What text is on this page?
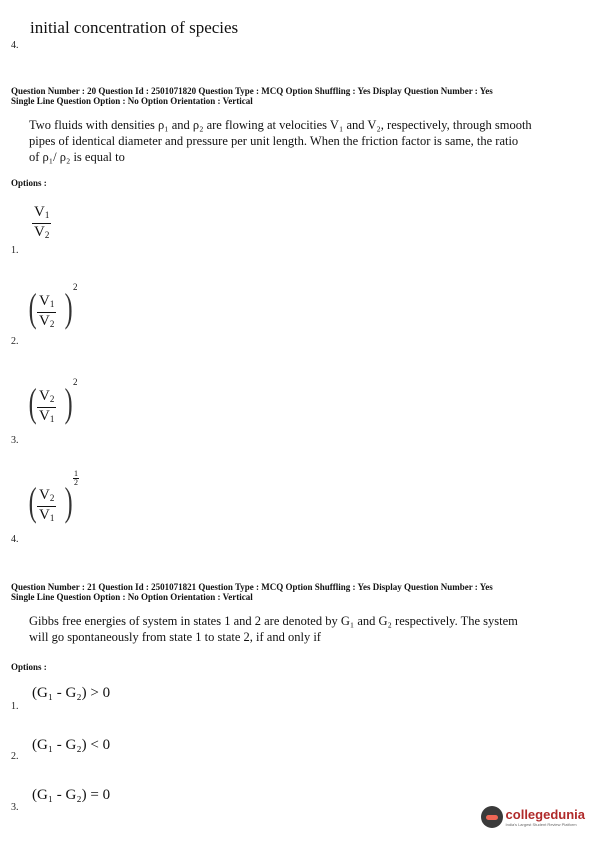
initial concentration of species
4.
Question Number : 20 Question Id : 2501071820 Question Type : MCQ Option Shuffling : Yes Display Question Number : Yes
Single Line Question Option : No Option Orientation : Vertical
Two fluids with densities ρ₁ and ρ₂ are flowing at velocities V₁ and V₂, respectively, through smooth
pipes of identical diameter and pressure per unit length. When the friction factor is same, the ratio
of ρ₁/ ρ₂ is equal to
Options :
$V_1$
$V_2$
1.
( $V_1$
$V_2$ ) 2
2.
( $V_2$
$V_1$ ) 2
3.
( $V_2$
$V_1$ )
1
2
4.
Question Number : 21 Question Id : 2501071821 Question Type : MCQ Option Shuffling : Yes Display Question Number : Yes
Single Line Question Option : No Option Orientation : Vertical
Gibbs free energies of system in states 1 and 2 are denoted by G₁ and G₂ respectively. The system
will go spontaneously from state 1 to state 2, if and only if
Options :
(G₁ - G₂) > 0
1.
(G₁ - G₂) < 0
2.
(G₁ - G₂) = 0
3.	collegedunia
India's Largest Student Review Platform
